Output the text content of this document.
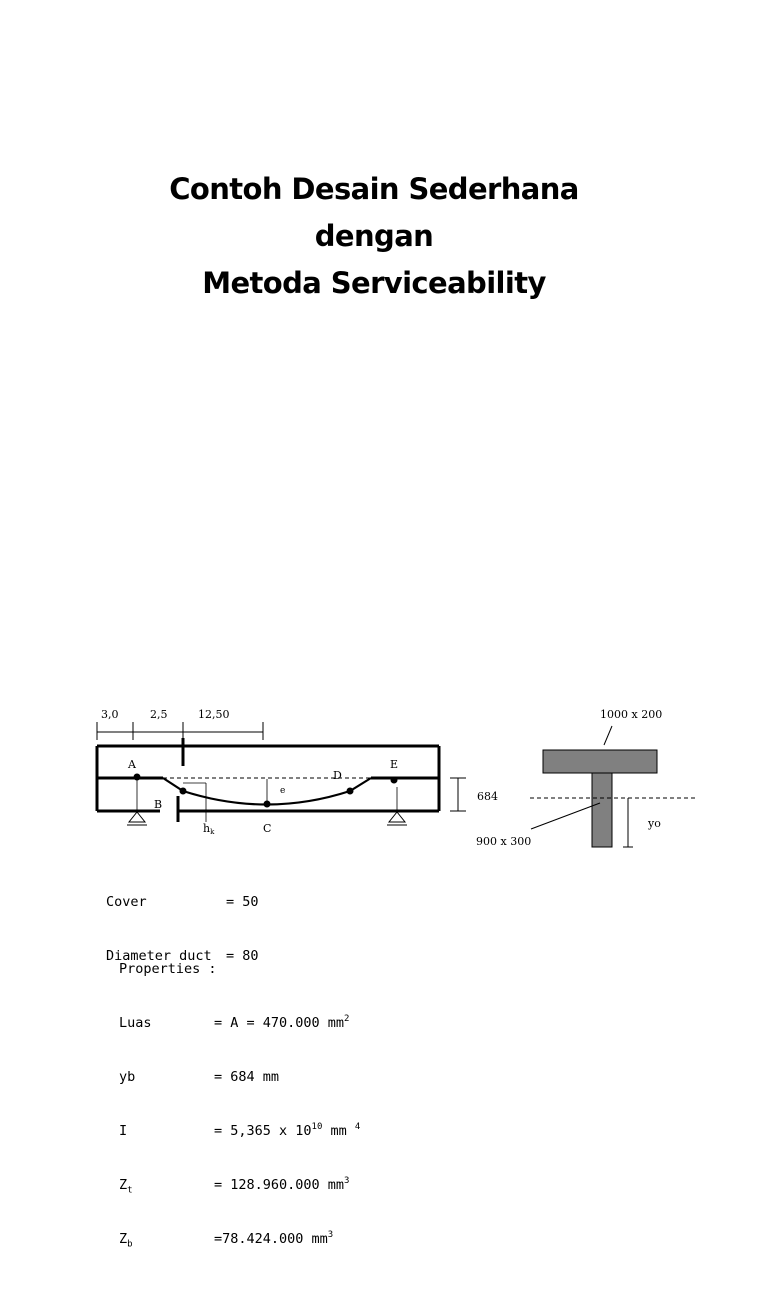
Contoh Desain Sederhana
dengan
Metoda Serviceability
3,0	2,5	12,50
A
B
C
D
E
e
hk
684
1000 x 200
900 x 300
yo

Cover

	= 50

Diameter duct

= 80

Properties :

Luas

	= A = 470.000 $mm^2$

yb

	= 684 mm

I

	= 5,365 x $10^{10}$ mm $^4$

$Z_t$

	= 128.960.000 $mm^3$

$Z_b$

	=78.424.000 $mm^3$
